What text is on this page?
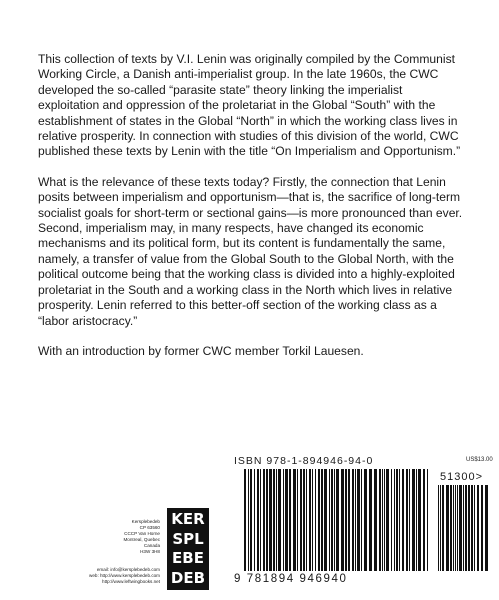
This collection of texts by V.I. Lenin was originally compiled by the Communist Working Circle, a Danish anti-imperialist group. In the late 1960s, the CWC developed the so-called “parasite state” theory linking the imperialist exploitation and oppression of the proletariat in the Global “South” with the establishment of states in the Global “North” in which the working class lives in relative prosperity. In connection with studies of this division of the world, CWC published these texts by Lenin with the title “On Imperialism and Opportunism.”

What is the relevance of these texts today? Firstly, the connection that Lenin posits between imperialism and opportunism—that is, the sacrifice of long-term socialist goals for short-term or sectional gains—is more pronounced than ever. Second, imperialism may, in many respects, have changed its economic mechanisms and its political form, but its content is fundamentally the same, namely, a transfer of value from the Global South to the Global North, with the political outcome being that the working class is divided into a highly-exploited proletariat in the South and a working class in the North which lives in relative prosperity. Lenin referred to this better-off section of the working class as a “labor aristocracy.”

With an introduction by former CWC member Torkil Lauesen.

Kersplebedeb
CP 63560
CCCP Van Horne
Montreal, Quebec
Canada
H3W 3H8
email: info@kersplebedeb.com
web: http://www.kersplebedeb.com
http://www.leftwingbooks.net
KER
SPL
EBE
DEB
ISBN 978-1-894946-94-0	US$13.00
51300>
9 781894 946940
